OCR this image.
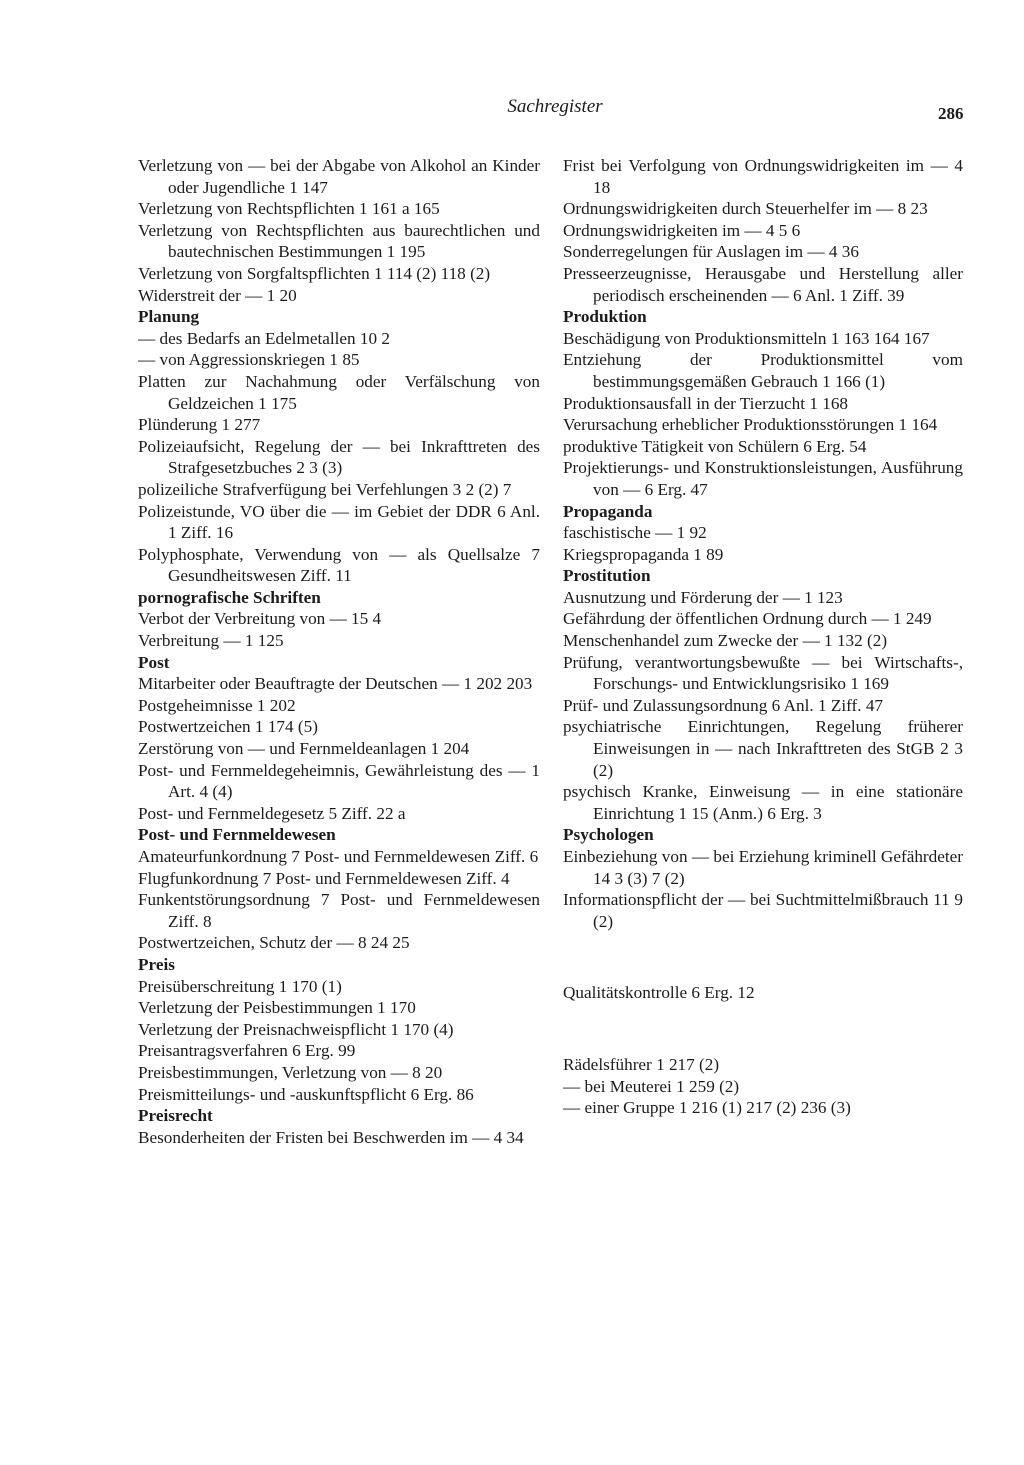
Sachregister	286
Verletzung von — bei der Abgabe von Alkohol an Kinder oder Jugendliche 1 147
Verletzung von Rechtspflichten 1 161 a 165
Verletzung von Rechtspflichten aus baurechtlichen und bautechnischen Bestimmungen 1 195
Verletzung von Sorgfaltspflichten 1 114 (2) 118 (2)
Widerstreit der — 1 20
Planung
— des Bedarfs an Edelmetallen 10 2
— von Aggressionskriegen 1 85
Platten zur Nachahmung oder Verfälschung von Geldzeichen 1 175
Plünderung 1 277
Polizeiaufsicht, Regelung der — bei Inkrafttreten des Strafgesetzbuches 2 3 (3)
polizeiliche Strafverfügung bei Verfehlungen 3 2 (2) 7
Polizeistunde, VO über die — im Gebiet der DDR 6 Anl. 1 Ziff. 16
Polyphosphate, Verwendung von — als Quellsalze 7 Gesundheitswesen Ziff. 11
pornografische Schriften
Verbot der Verbreitung von — 15 4
Verbreitung — 1 125
Post
Mitarbeiter oder Beauftragte der Deutschen — 1 202 203
Postgeheimnisse 1 202
Postwertzeichen 1 174 (5)
Zerstörung von — und Fernmeldeanlagen 1 204
Post- und Fernmeldegeheimnis, Gewährleistung des — 1 Art. 4 (4)
Post- und Fernmeldegesetz 5 Ziff. 22 a
Post- und Fernmeldewesen
Amateurfunkordnung 7 Post- und Fernmeldewesen Ziff. 6
Flugfunkordnung 7 Post- und Fernmeldewesen Ziff. 4
Funkentstörungsordnung 7 Post- und Fernmeldewesen Ziff. 8
Postwertzeichen, Schutz der — 8 24 25
Preis
Preisüberschreitung 1 170 (1)
Verletzung der Peisbestimmungen 1 170
Verletzung der Preisnachweispflicht 1 170 (4)
Preisantragsverfahren 6 Erg. 99
Preisbestimmungen, Verletzung von — 8 20
Preismitteilungs- und -auskunftspflicht 6 Erg. 86
Preisrecht
Besonderheiten der Fristen bei Beschwerden im — 4 34
Frist bei Verfolgung von Ordnungswidrigkeiten im — 4 18
Ordnungswidrigkeiten durch Steuerhelfer im — 8 23
Ordnungswidrigkeiten im — 4 5 6
Sonderregelungen für Auslagen im — 4 36
Presseerzeugnisse, Herausgabe und Herstellung aller periodisch erscheinenden — 6 Anl. 1 Ziff. 39
Produktion
Beschädigung von Produktionsmitteln 1 163 164 167
Entziehung der Produktionsmittel vom bestimmungsgemäßen Gebrauch 1 166 (1)
Produktionsausfall in der Tierzucht 1 168
Verursachung erheblicher Produktionsstörungen 1 164
produktive Tätigkeit von Schülern 6 Erg. 54
Projektierungs- und Konstruktionsleistungen, Ausführung von — 6 Erg. 47
Propaganda
faschistische — 1 92
Kriegspropaganda 1 89
Prostitution
Ausnutzung und Förderung der — 1 123
Gefährdung der öffentlichen Ordnung durch — 1 249
Menschenhandel zum Zwecke der — 1 132 (2)
Prüfung, verantwortungsbewußte — bei Wirtschafts-, Forschungs- und Entwicklungsrisiko 1 169
Prüf- und Zulassungsordnung 6 Anl. 1 Ziff. 47
psychiatrische Einrichtungen, Regelung früherer Einweisungen in — nach Inkrafttreten des StGB 2 3 (2)
psychisch Kranke, Einweisung — in eine stationäre Einrichtung 1 15 (Anm.) 6 Erg. 3
Psychologen
Einbeziehung von — bei Erziehung kriminell Gefährdeter 14 3 (3) 7 (2)
Informationspflicht der — bei Suchtmittelmißbrauch 11 9 (2)
Qualitätskontrolle 6 Erg. 12
Rädelsführer 1 217 (2)
— bei Meuterei 1 259 (2)
— einer Gruppe 1 216 (1) 217 (2) 236 (3)
